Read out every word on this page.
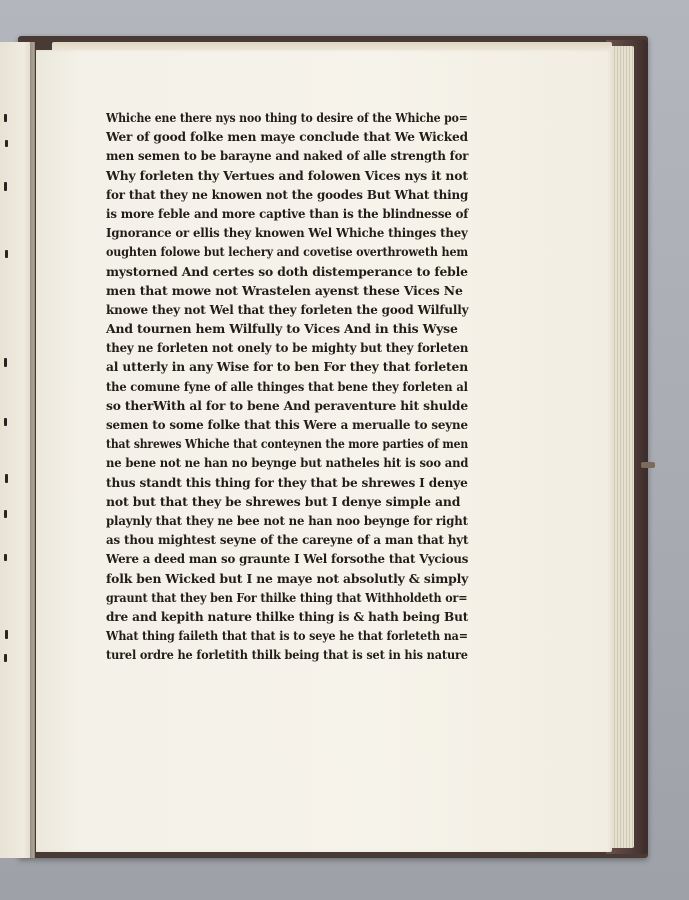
Whiche ene there nys noo thing to desire of the Whiche po=
Wer of good folke men maye conclude that We Wicked
men semen to be barayne and naked of alle strength for
Why forleten thy Vertues and folowen Vices nys it not
for that they ne knowen not the goodes But What thing
is more feble and more captive than is the blindnesse of
Ignorance or ellis they knowen Wel Whiche thinges they
oughten folowe but lechery and covetise overthroweth hem
mystorned And certes so doth distemperance to feble
men that mowe not Wrastelen ayenst these Vices Ne
knowe they not Wel that they forleten the good Wilfully
And tournen hem Wilfully to Vices And in this Wyse
they ne forleten not onely to be mighty but they forleten
al utterly in any Wise for to ben For they that forleten
the comune fyne of alle thinges that bene they forleten al
so therWith al for to bene And peraventure hit shulde
semen to some folke that this Were a merualle to seyne
that shrewes Whiche that conteynen the more parties of men
ne bene not ne han no beynge but natheles hit is soo and
thus standt this thing for they that be shrewes I denye
not but that they be shrewes but I denye simple and
playnly that they ne bee not ne han noo beynge for right
as thou mightest seyne of the careyne of a man that hyt
Were a deed man so graunte I Wel forsothe that Vycious
folk ben Wicked but I ne maye not absolutly & simply
graunt that they ben For thilke thing that Withholdeth or=
dre and kepith nature thilke thing is & hath being But
What thing faileth that that is to seye he that forleteth na=
turel ordre he forletith thilk being that is set in his nature
